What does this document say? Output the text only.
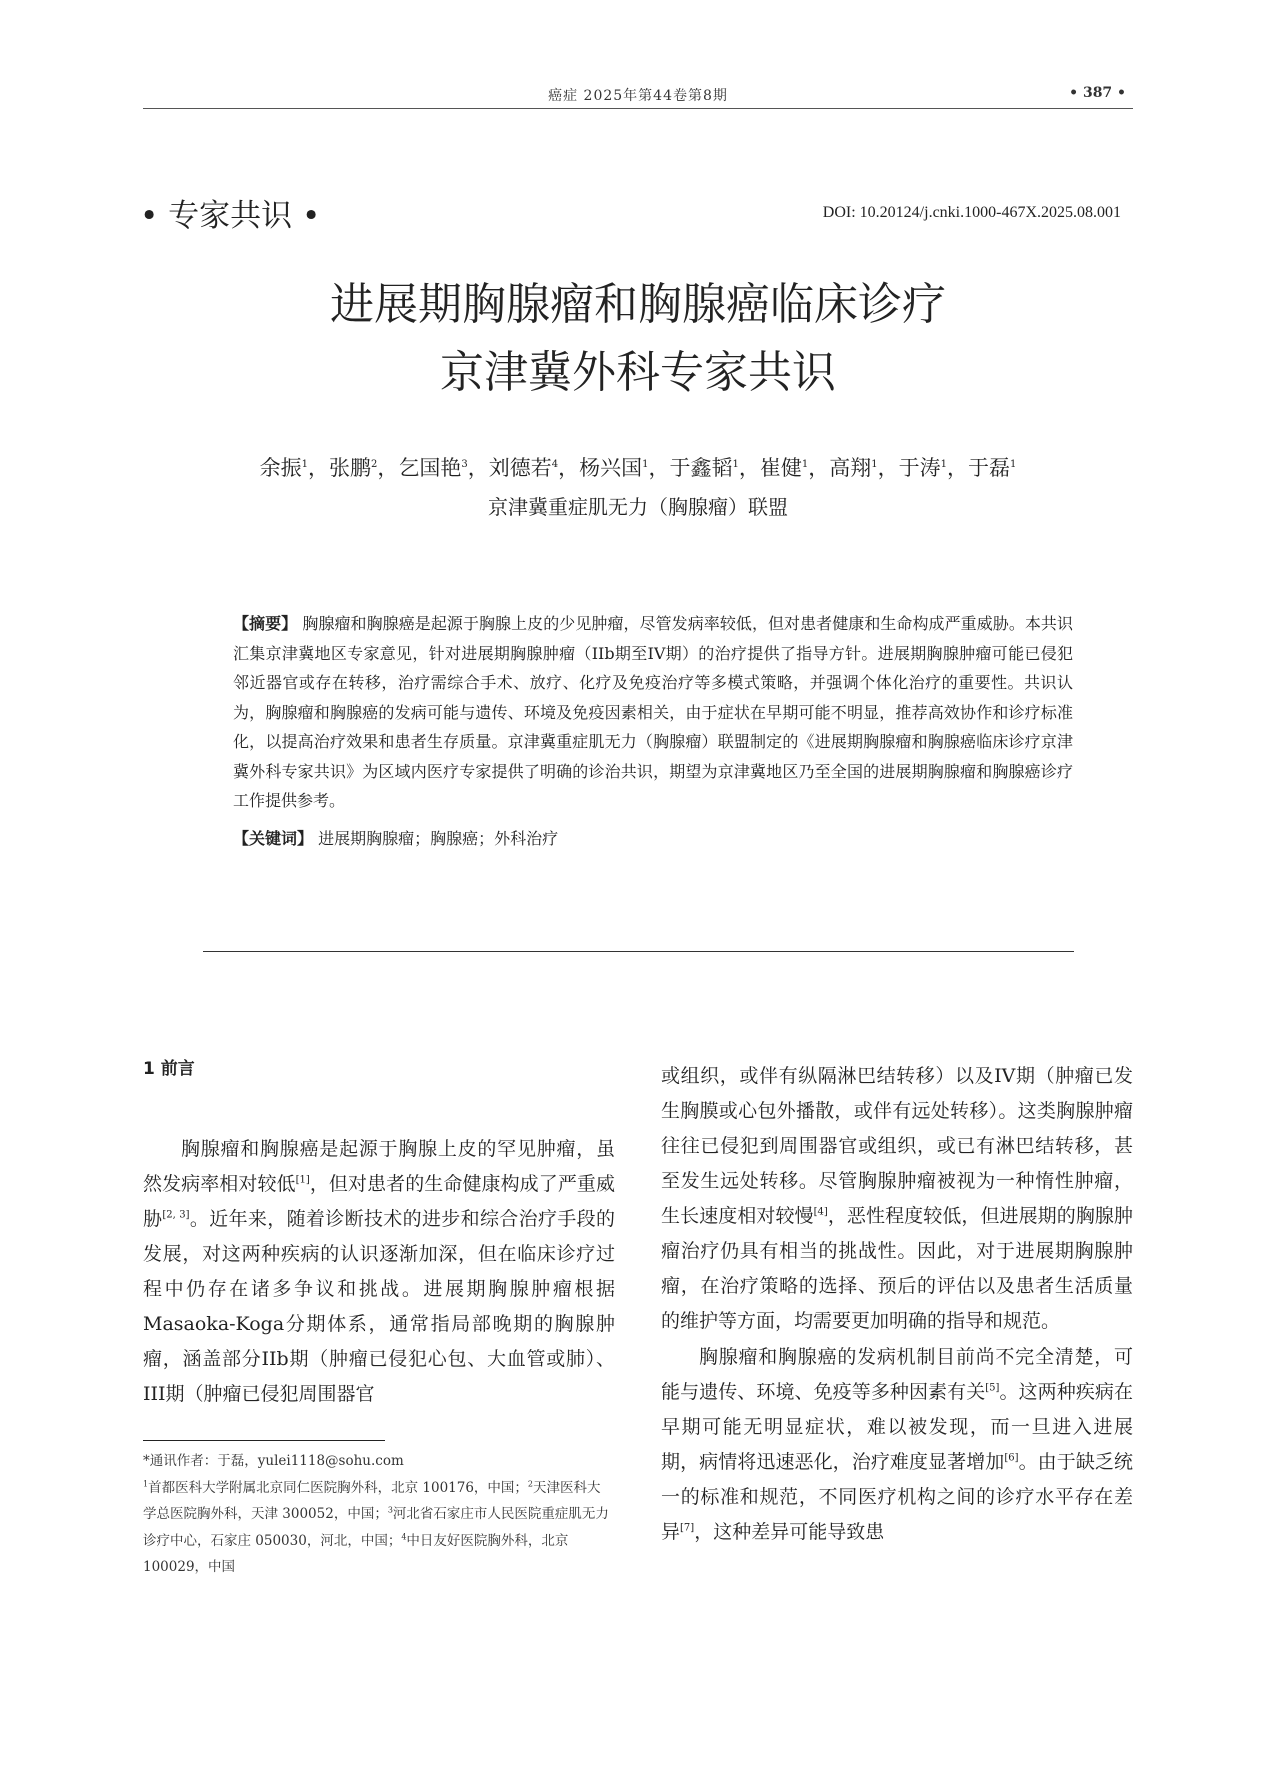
癌症 2025年第44卷第8期	• 387 •
• 专家共识 •	DOI: 10.20124/j.cnki.1000-467X.2025.08.001
进展期胸腺瘤和胸腺癌临床诊疗
京津冀外科专家共识
余振$^1$，张鹏$^2$，乞国艳$^3$，刘德若$^4$，杨兴国$^1$，于鑫韬$^1$，崔健$^1$，高翔$^1$，于涛$^1$，于磊$^1$
京津冀重症肌无力（胸腺瘤）联盟
【摘要】 胸腺瘤和胸腺癌是起源于胸腺上皮的少见肿瘤，尽管发病率较低，但对患者健康和生命构成严重威胁。本共识汇集京津冀地区专家意见，针对进展期胸腺肿瘤（IIb期至IV期）的治疗提供了指导方针。进展期胸腺肿瘤可能已侵犯邻近器官或存在转移，治疗需综合手术、放疗、化疗及免疫治疗等多模式策略，并强调个体化治疗的重要性。共识认为，胸腺瘤和胸腺癌的发病可能与遗传、环境及免疫因素相关，由于症状在早期可能不明显，推荐高效协作和诊疗标准化，以提高治疗效果和患者生存质量。京津冀重症肌无力（胸腺瘤）联盟制定的《进展期胸腺瘤和胸腺癌临床诊疗京津冀外科专家共识》为区域内医疗专家提供了明确的诊治共识，期望为京津冀地区乃至全国的进展期胸腺瘤和胸腺癌诊疗工作提供参考。
【关键词】 进展期胸腺瘤；胸腺癌；外科治疗
1 前言

胸腺瘤和胸腺癌是起源于胸腺上皮的罕见肿瘤，虽然发病率相对较低[1]，但对患者的生命健康构成了严重威胁[2, 3]。近年来，随着诊断技术的进步和综合治疗手段的发展，对这两种疾病的认识逐渐加深，但在临床诊疗过程中仍存在诸多争议和挑战。进展期胸腺肿瘤根据Masaoka-Koga分期体系，通常指局部晚期的胸腺肿瘤，涵盖部分IIb期（肿瘤已侵犯心包、大血管或肺）、III期（肿瘤已侵犯周围器官

或组织，或伴有纵隔淋巴结转移）以及IV期（肿瘤已发生胸膜或心包外播散，或伴有远处转移）。这类胸腺肿瘤往往已侵犯到周围器官或组织，或已有淋巴结转移，甚至发生远处转移。尽管胸腺肿瘤被视为一种惰性肿瘤，生长速度相对较慢[4]，恶性程度较低，但进展期的胸腺肿瘤治疗仍具有相当的挑战性。因此，对于进展期胸腺肿瘤，在治疗策略的选择、预后的评估以及患者生活质量的维护等方面，均需要更加明确的指导和规范。

胸腺瘤和胸腺癌的发病机制目前尚不完全清楚，可能与遗传、环境、免疫等多种因素有关[5]。这两种疾病在早期可能无明显症状，难以被发现，而一旦进入进展期，病情将迅速恶化，治疗难度显著增加[6]。由于缺乏统一的标准和规范，不同医疗机构之间的诊疗水平存在差异[7]，这种差异可能导致患

*通讯作者：于磊，yulei1118@sohu.com

$^1$首都医科大学附属北京同仁医院胸外科，北京 100176，中国；$^2$天津医科大学总医院胸外科，天津 300052，中国；$^3$河北省石家庄市人民医院重症肌无力诊疗中心，石家庄 050030，河北，中国；$^4$中日友好医院胸外科，北京 100029，中国
